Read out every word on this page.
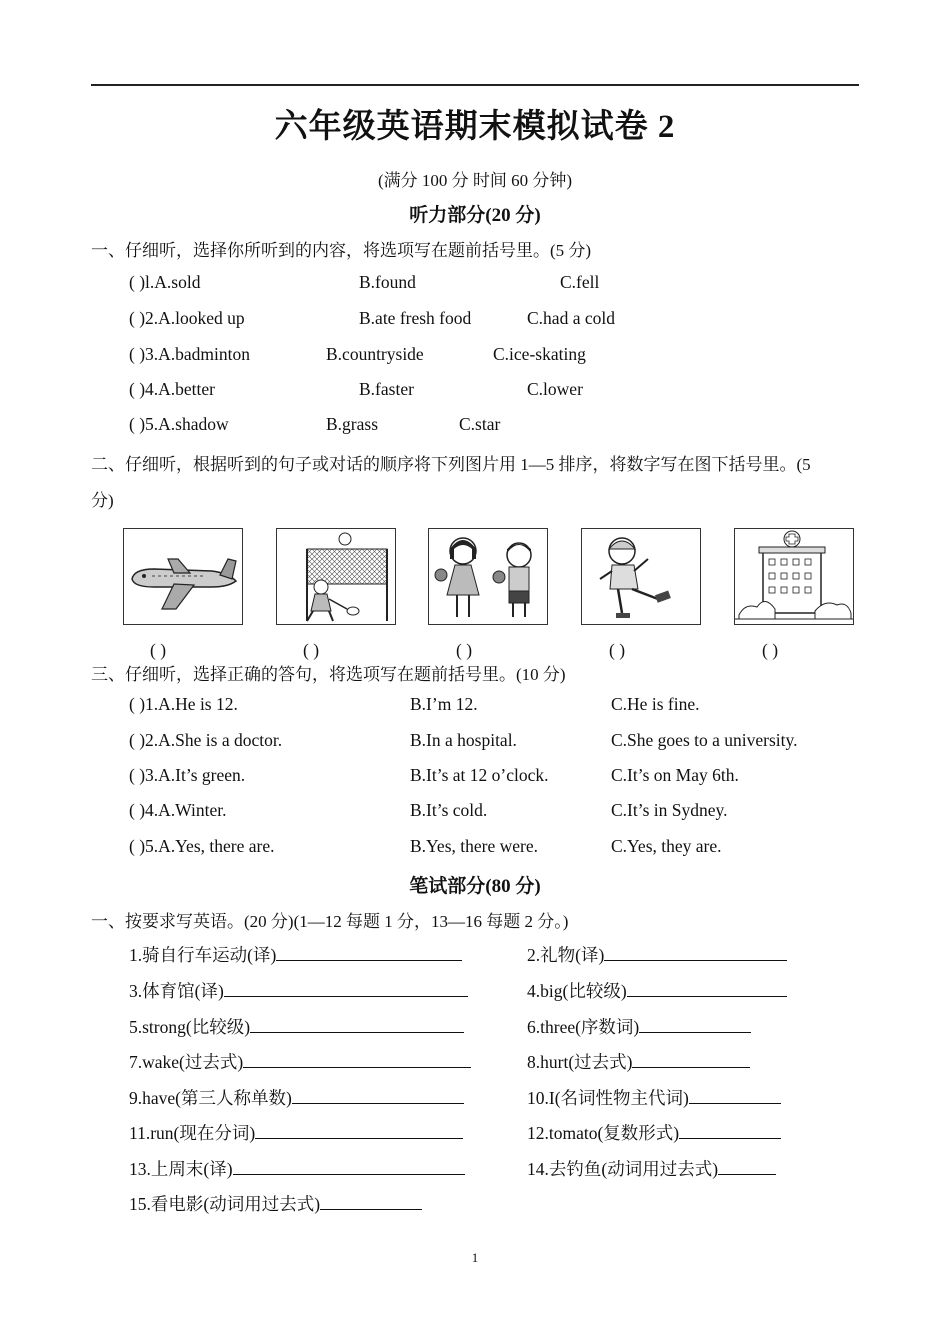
六年级英语期末模拟试卷 2
(满分 100 分 时间 60 分钟)
听力部分(20 分)
一、仔细听，选择你所听到的内容，将选项写在题前括号里。(5 分)
( )l.A.sold	B.found	C.fell
( )2.A.looked up	B.ate fresh food	C.had a cold
( )3.A.badminton	B.countryside	C.ice-skating
( )4.A.better	B.faster	C.lower
( )5.A.shadow	B.grass	C.star
二、仔细听，根据听到的句子或对话的顺序将下列图片用 1—5 排序，将数字写在图下括号里。(5
分)
( )	( )	( )	( )	( )
三、仔细听，选择正确的答句，将选项写在题前括号里。(10 分)
( )1.A.He is 12.	B.I’m 12.	C.He is fine.
( )2.A.She is a doctor.	B.In a hospital.	C.She goes to a university.
( )3.A.It’s green.	B.It’s at 12 o’clock.	C.It’s on May 6th.
( )4.A.Winter.	B.It’s cold.	C.It’s in Sydney.
( )5.A.Yes, there are.	B.Yes, there were.	C.Yes, they are.
笔试部分(80 分)
一、按要求写英语。(20 分)(1—12 每题 1 分，13—16 每题 2 分。)
1.骑自行车运动(译)	2.礼物(译)
3.体育馆(译)	4.big(比较级)
5.strong(比较级)	6.three(序数词)
7.wake(过去式)	8.hurt(过去式)
9.have(第三人称单数)	10.I(名词性物主代词)
11.run(现在分词)	12.tomato(复数形式)
13.上周末(译)	14.去钓鱼(动词用过去式)
15.看电影(动词用过去式)
1
